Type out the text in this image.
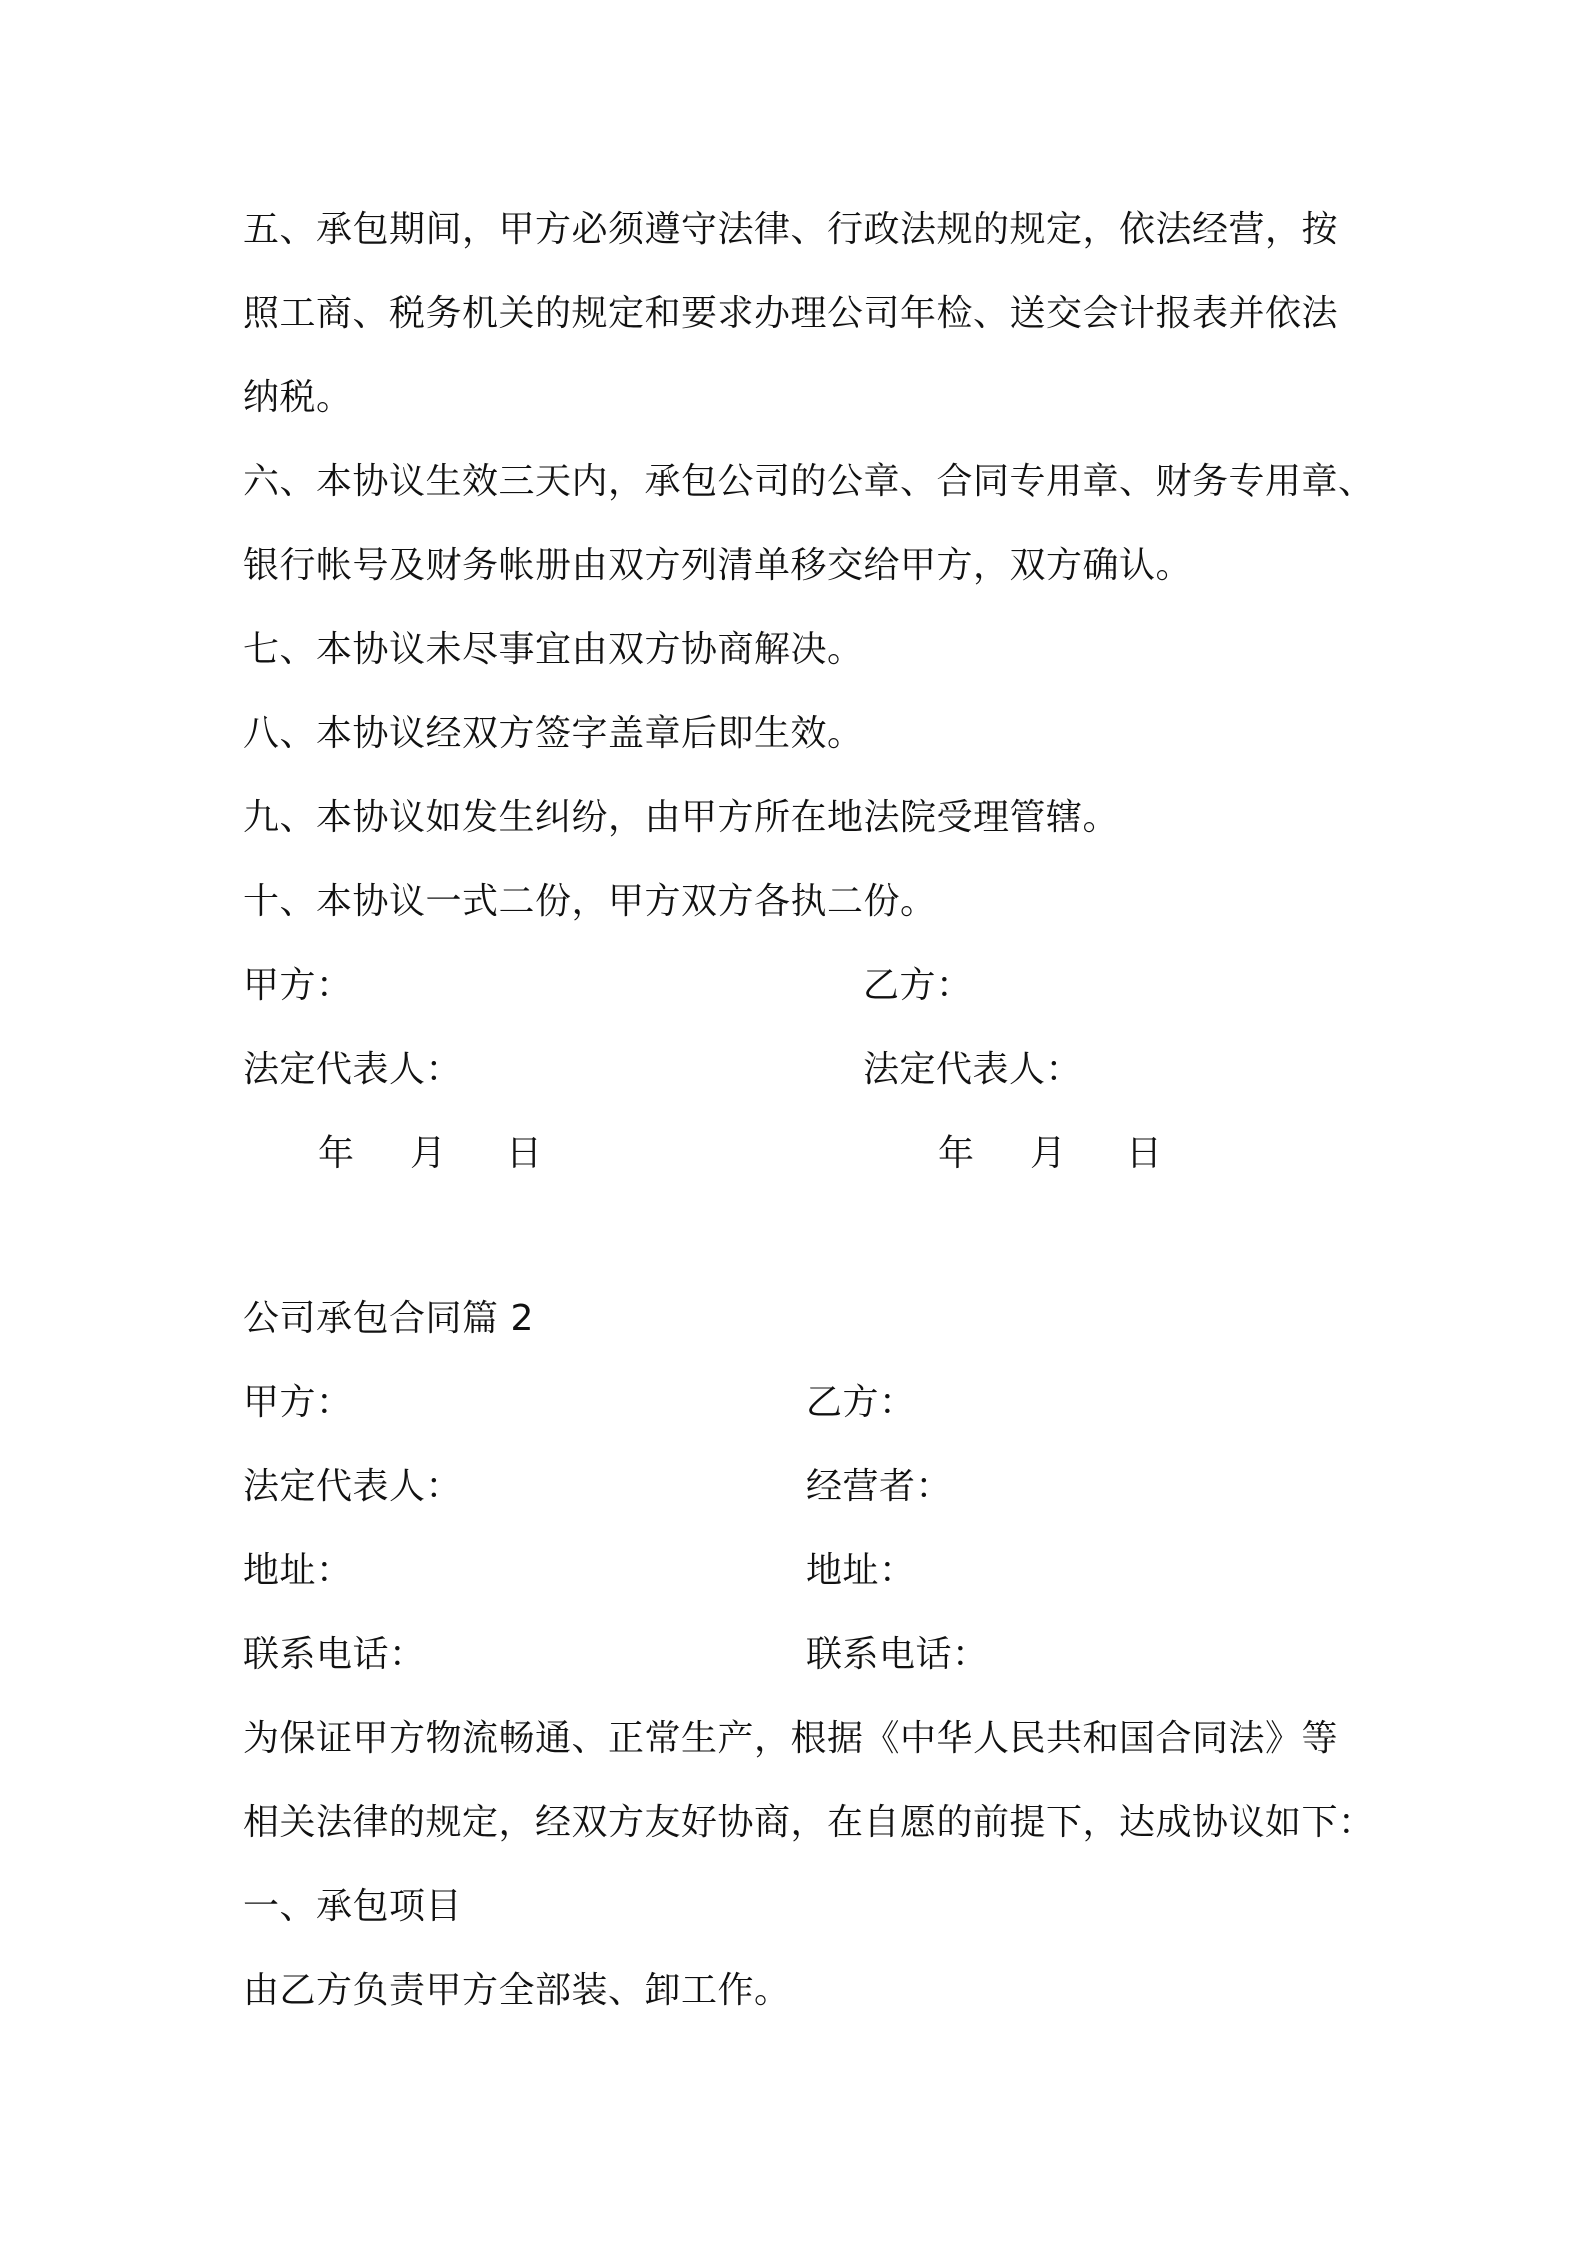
五、承包期间，甲方必须遵守法律、行政法规的规定，依法经营，按
照工商、税务机关的规定和要求办理公司年检、送交会计报表并依法
纳税。
六、本协议生效三天内，承包公司的公章、合同专用章、财务专用章、
银行帐号及财务帐册由双方列清单移交给甲方，双方确认。
七、本协议未尽事宜由双方协商解决。
八、本协议经双方签字盖章后即生效。
九、本协议如发生纠纷，由甲方所在地法院受理管辖。
十、本协议一式二份，甲方双方各执二份。
甲方：	乙方：
法定代表人：	法定代表人：
年 月 日	年 月 日
公司承包合同篇 2
甲方：	乙方：
法定代表人：	经营者：
地址：	地址：
联系电话：	联系电话：
为保证甲方物流畅通、正常生产，根据《中华人民共和国合同法》等
相关法律的规定，经双方友好协商，在自愿的前提下，达成协议如下：
一、承包项目
由乙方负责甲方全部装、卸工作。
